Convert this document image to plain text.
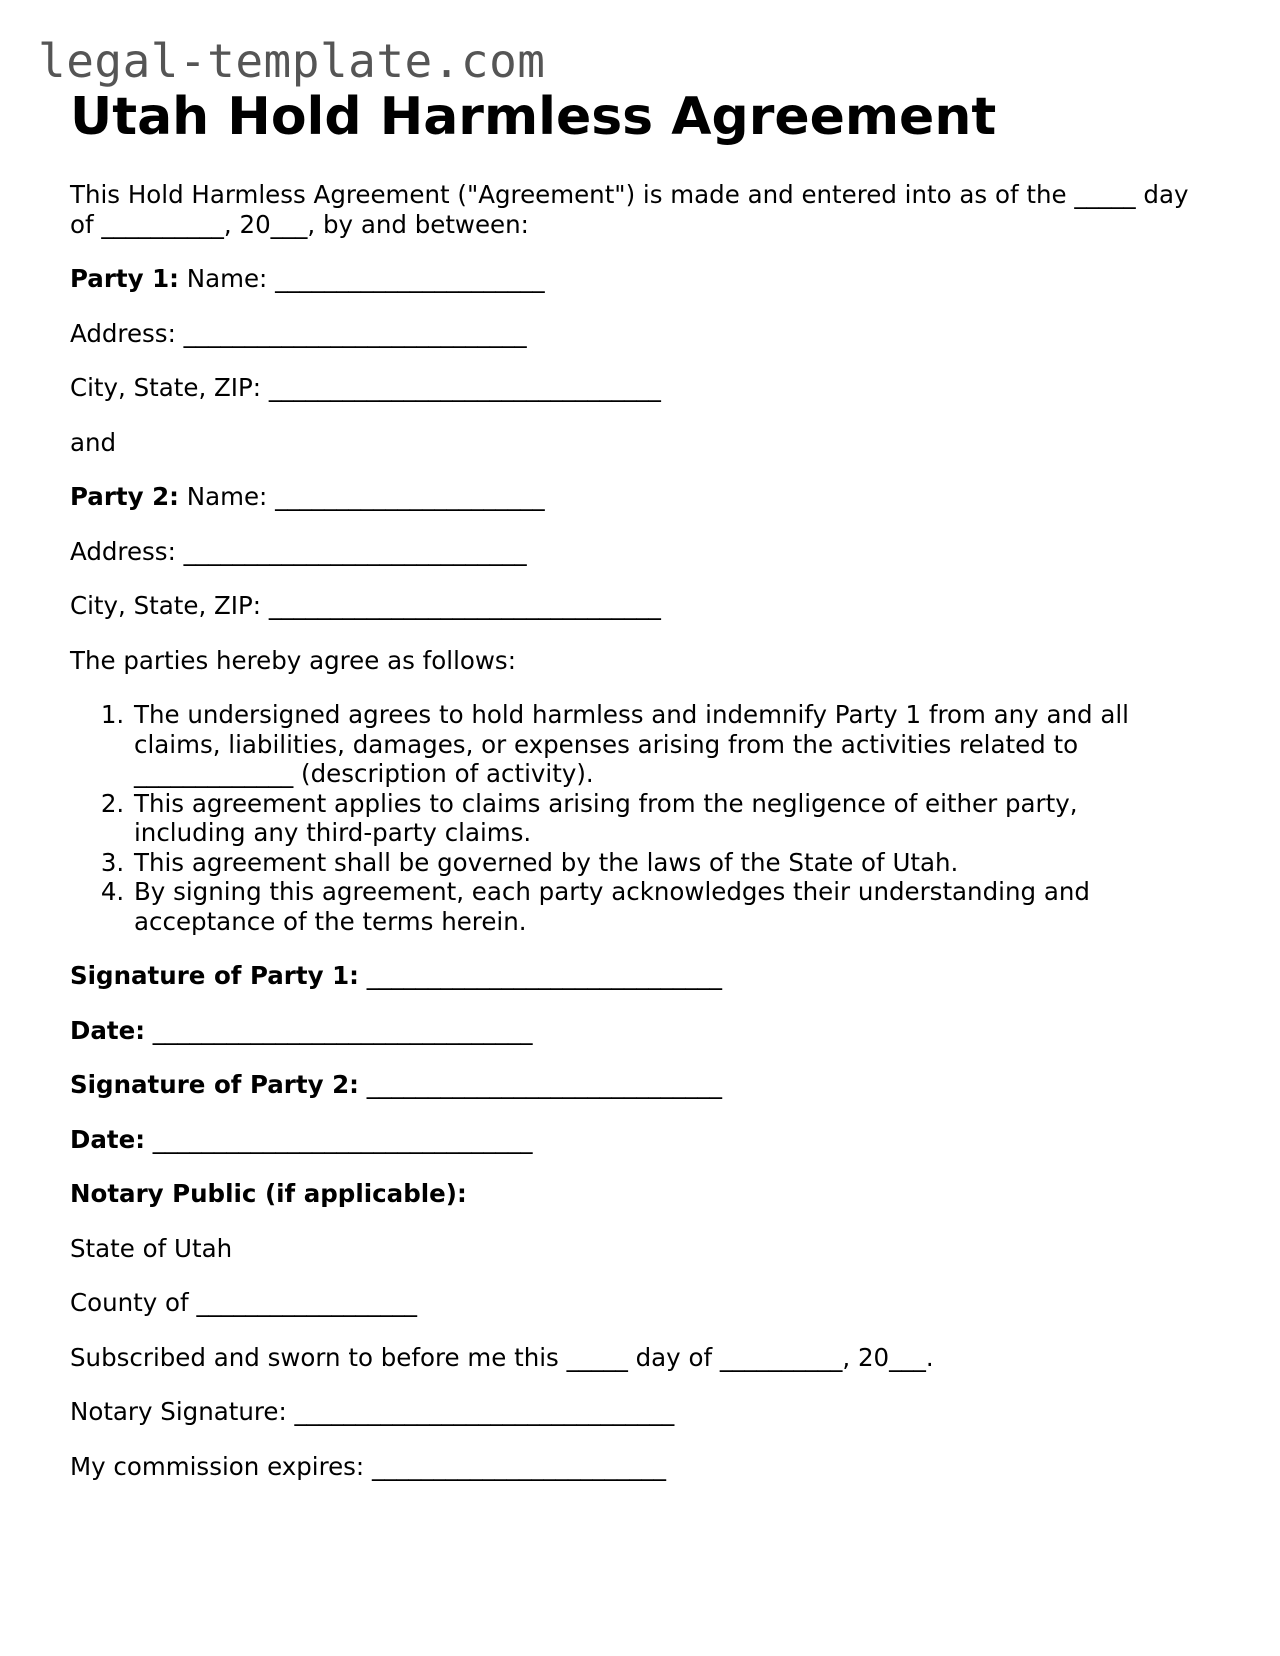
legal-template.com
Utah Hold Harmless Agreement

This Hold Harmless Agreement ("Agreement") is made and entered into as of the _____ day of __________, 20___, by and between:

Party 1: Name: ______________________

Address: ____________________________

City, State, ZIP: ________________________________

and

Party 2: Name: ______________________

Address: ____________________________

City, State, ZIP: ________________________________

The parties hereby agree as follows:

1. The undersigned agrees to hold harmless and indemnify Party 1 from any and all claims, liabilities, damages, or expenses arising from the activities related to _____________ (description of activity).
2. This agreement applies to claims arising from the negligence of either party, including any third-party claims.
3. This agreement shall be governed by the laws of the State of Utah.
4. By signing this agreement, each party acknowledges their understanding and acceptance of the terms herein.

Signature of Party 1: _____________________________

Date: _______________________________

Signature of Party 2: _____________________________

Date: _______________________________

Notary Public (if applicable):

State of Utah

County of __________________

Subscribed and sworn to before me this _____ day of __________, 20___.

Notary Signature: _______________________________

My commission expires: ________________________
